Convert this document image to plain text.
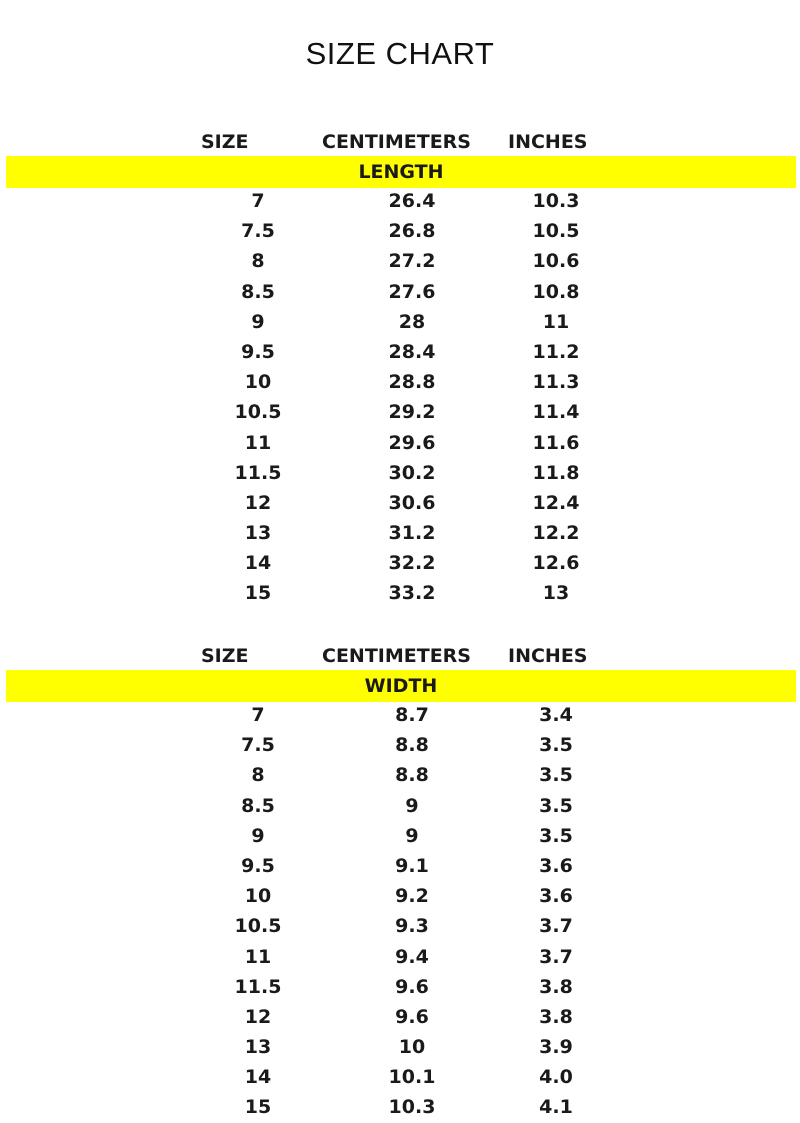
SIZE CHART
SIZE	CENTIMETERS INCHES
LENGTH
7	26.4	10.3
7.5	26.8	10.5
8	27.2	10.6
8.5	27.6	10.8
9	28	11
9.5	28.4	11.2
10	28.8	11.3
10.5	29.2	11.4
11	29.6	11.6
11.5	30.2	11.8
12	30.6	12.4
13	31.2	12.2
14	32.2	12.6
15	33.2	13
SIZE	CENTIMETERS INCHES
WIDTH
7	8.7	3.4
7.5	8.8	3.5
8	8.8	3.5
8.5	9	3.5
9	9	3.5
9.5	9.1	3.6
10	9.2	3.6
10.5	9.3	3.7
11	9.4	3.7
11.5	9.6	3.8
12	9.6	3.8
13	10	3.9
14	10.1	4.0
15	10.3	4.1
